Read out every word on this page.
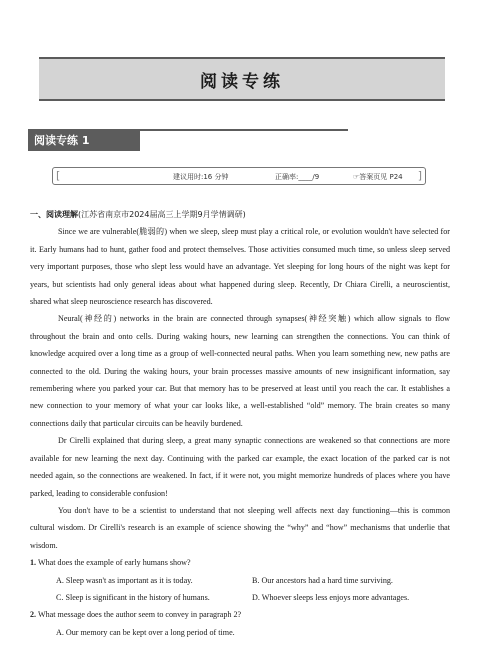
阅读专练
阅读专练 1
[	建议用时:16 分钟	正确率:____/9	☞答案页见 P24 ]
一、阅读理解(江苏省南京市2024届高三上学期9月学情调研)

Since we are vulnerable(脆弱的) when we sleep, sleep must play a critical role, or evolution wouldn't have selected for it. Early humans had to hunt, gather food and protect themselves. Those activities consumed much time, so unless sleep served very important purposes, those who slept less would have an advantage. Yet sleeping for long hours of the night was kept for years, but scientists had only general ideas about what happened during sleep. Recently, Dr Chiara Cirelli, a neuroscientist, shared what sleep neuroscience research has discovered.

Neural(神经的) networks in the brain are connected through synapses(神经突触) which allow signals to flow throughout the brain and onto cells. During waking hours, new learning can strengthen the connections. You can think of knowledge acquired over a long time as a group of well-connected neural paths. When you learn something new, new paths are connected to the old. During the waking hours, your brain processes massive amounts of new insignificant information, say remembering where you parked your car. But that memory has to be preserved at least until you reach the car. It establishes a new connection to your memory of what your car looks like, a well-established “old” memory. The brain creates so many connections daily that particular circuits can be heavily burdened.

Dr Cirelli explained that during sleep, a great many synaptic connections are weakened so that connections are more available for new learning the next day. Continuing with the parked car example, the exact location of the parked car is not needed again, so the connections are weakened. In fact, if it were not, you might memorize hundreds of places where you have parked, leading to considerable confusion!

You don't have to be a scientist to understand that not sleeping well affects next day functioning—this is common cultural wisdom. Dr Cirelli's research is an example of science showing the “why” and “how” mechanisms that underlie that wisdom.

1. What does the example of early humans show?

A. Sleep wasn't as important as it is today.	B. Our ancestors had a hard time surviving.
C. Sleep is significant in the history of humans.	D. Whoever sleeps less enjoys more advantages.

2. What message does the author seem to convey in paragraph 2?

A. Our memory can be kept over a long period of time.
